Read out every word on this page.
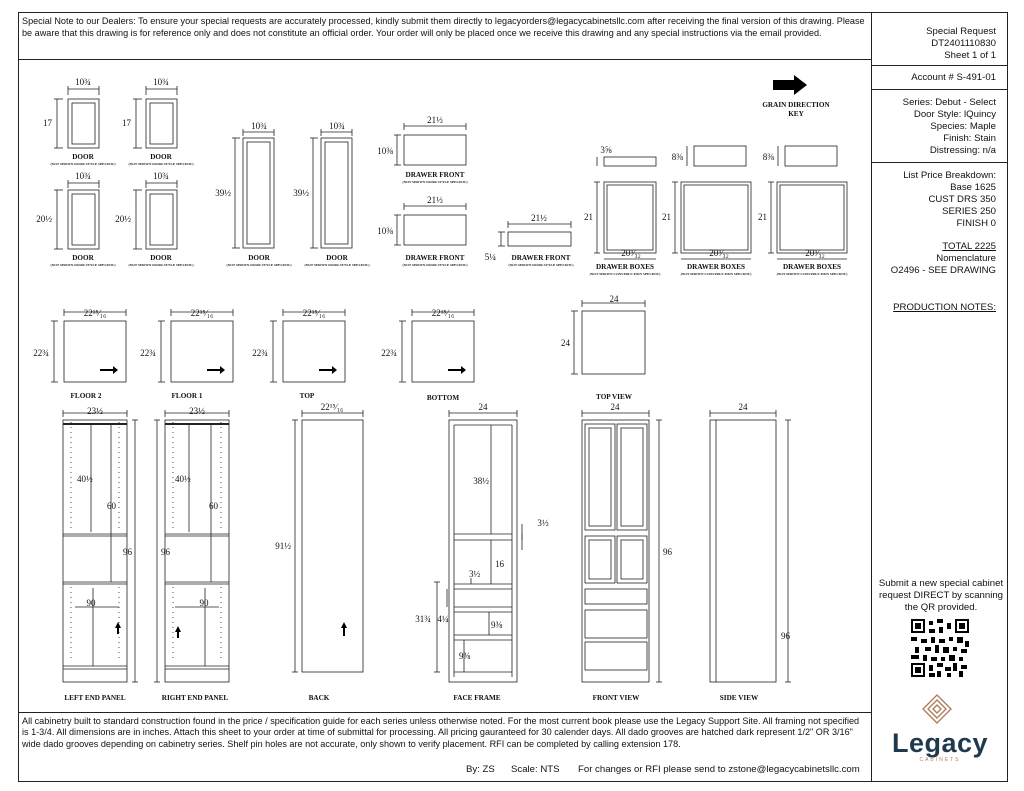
Special Note to our Dealers: To ensure your special requests are accurately processed, kindly submit them directly to legacyorders@legacycabinetsllc.com after receiving the final version of this drawing. Please be aware that this drawing is for reference only and does not constitute an official order. Your order will only be placed once we receive this drawing and any special instructions via the email provided.	Special Request
DT2401110830
Sheet 1 of 1
Account # S-491-01
Series: Debut - Select
Door Style: lQuincy
Species: Maple
Finish: Stain
Distressing: n/a
List Price Breakdown:
Base 1625
CUST DRS 350
SERIES 250
FINISH 0
TOTAL 2225
Nomenclature
O2496 - SEE DRAWING
PRODUCTION NOTES:
Submit a new special cabinet request DIRECT by scanning the QR provided.
Legacy
CABINETS
All cabinetry built to standard construction found in the price / specification guide for each series unless otherwise noted. For the most current book please use the Legacy Support Site. All framing not specified is 1-3/4. All dimensions are in inches. Attach this sheet to your order at time of submittal for processing. All pricing gauranteed for 30 calender days. All dado grooves are hatched dark represent 1/2" OR 3/16" wide dado grooves depending on cabinetry series. Shelf pin holes are not accurate, only shown to verify placement. RFI can be completed by calling extension 178.
By: ZS Scale: NTS For changes or RFI please send to zstone@legacycabinetsllc.com
GRAIN DIRECTION
KEY
10¾
17
DOOR
(NOT SHOWN DOOR STYLE SPECIFIC)
10¾
17
DOOR
(NOT SHOWN DOOR STYLE SPECIFIC)
10¾
20½
DOOR
(NOT SHOWN DOOR STYLE SPECIFIC)
10¾
20½
DOOR
(NOT SHOWN DOOR STYLE SPECIFIC)
10¾
39½
DOOR
(NOT SHOWN DOOR STYLE SPECIFIC)
10¾
39½
DOOR
(NOT SHOWN DOOR STYLE SPECIFIC)
21½
10⅜
DRAWER FRONT
(NOT SHOWN DOOR STYLE SPECIFIC)
21½
10⅜
DRAWER FRONT
(NOT SHOWN DOOR STYLE SPECIFIC)
21½
5¼ DRAWER FRONT
(NOT SHOWN DOOR STYLE SPECIFIC)
3⅝
21
20³⁄₃₂
DRAWER BOXES
(NOT SHOWN CONSTRUCTION SPECIFIC)
8⅜
21
20³⁄₃₂
DRAWER BOXES
(NOT SHOWN CONSTRUCTION SPECIFIC)
8⅜
21
20³⁄₃₂
DRAWER BOXES
(NOT SHOWN CONSTRUCTION SPECIFIC)
22¹⁵⁄₁₆
22¾
FLOOR 2
22¹⁵⁄₁₆
22¾
FLOOR 1
22¹⁵⁄₁₆
22¾
TOP
22¹⁵⁄₁₆
22¾
BOTTOM
24
24
TOP VIEW
23½
40½
60
90
96
LEFT END PANEL
23½
40½
60
90
96
RIGHT END PANEL
22¹⁵⁄₁₆
91½
BACK
24
38½
3½
16
3½
31¾ 4¼
9⅜
9⅜
FACE FRAME
24
96
FRONT VIEW
24
96
SIDE VIEW
